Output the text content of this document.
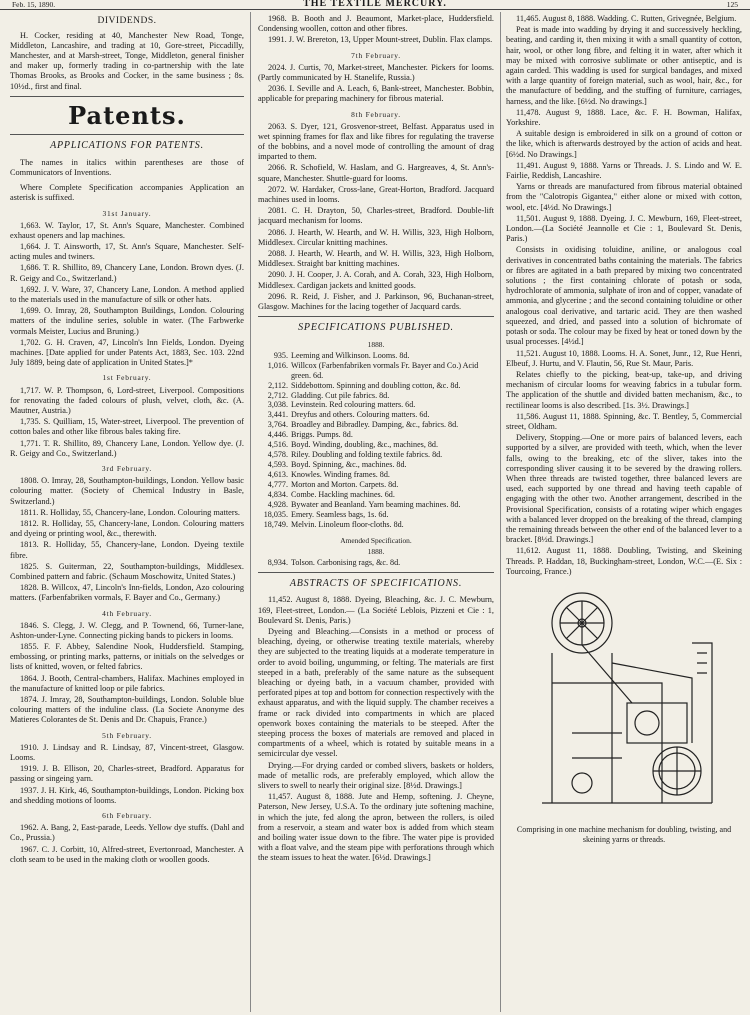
Feb. 15, 1890.	THE TEXTILE MERCURY.	125
DIVIDENDS.
H. Cocker, residing at 40, Manchester New Road, Tonge, Middleton, Lancashire, and trading at 10, Gore-street, Piccadilly, Manchester, and at Marsh-street, Tonge, Middleton, general finisher and maker up, formerly trading in co-partnership with the late Thomas Brooks, as Brooks and Cocker, in the same business ; 8s. 10½d., first and final.
Patents.
APPLICATIONS FOR PATENTS.
The names in italics within parentheses are those of Communicators of Inventions.
Where Complete Specification accompanies Application an asterisk is suffixed.
31st January.
1,663. W. Taylor, 17, St. Ann's Square, Manchester. Combined exhaust openers and lap machines.
1,664. J. T. Ainsworth, 17, St. Ann's Square, Manchester. Self-acting mules and twiners.
1,686. T. R. Shillito, 89, Chancery Lane, London. Brown dyes. (J. R. Geigy and Co., Switzerland.)
1,692. J. V. Ware, 37, Chancery Lane, London. A method applied to the materials used in the manufacture of silk or other hats.
1,699. O. Imray, 28, Southampton Buildings, London. Colouring matters of the induline series, soluble in water. (The Farbwerke vormals Meister, Lucius and Bruning.)
1,702. G. H. Craven, 47, Lincoln's Inn Fields, London. Dyeing machines. [Date applied for under Patents Act, 1883, Sec. 103. 22nd July 1889, being date of application in United States.]*
1st February.
1,717. W. P. Thompson, 6, Lord-street, Liverpool. Compositions for renovating the faded colours of plush, velvet, cloth, &c. (A. Mautner, Austria.)
1,735. S. Quilliam, 15, Water-street, Liverpool. The prevention of cotton bales and other like fibrous bales taking fire.
1,771. T. R. Shillito, 89, Chancery Lane, London. Yellow dye. (J. R. Geigy and Co., Switzerland.)
3rd February.
1808. O. Imray, 28, Southampton-buildings, London. Yellow basic colouring matter. (Society of Chemical Industry in Basle, Switzerland.)
1811. R. Holliday, 55, Chancery-lane, London. Colouring matters.
1812. R. Holliday, 55, Chancery-lane, London. Colouring matters and dyeing or printing wool, &c., therewith.
1813. R. Holliday, 55, Chancery-lane, London. Dyeing textile fibre.
1825. S. Guiterman, 22, Southampton-buildings, Middlesex. Combined pattern and fabric. (Schaum Moschowitz, United States.)
1828. B. Willcox, 47, Lincoln's Inn-fields, London, Azo colouring matters. (Farbenfabriken vormals, F. Bayer and Co., Germany.)
4th February.
1846. S. Clegg, J. W. Clegg, and P. Townend, 66, Turner-lane, Ashton-under-Lyne. Connecting picking bands to pickers in looms.
1855. F. F. Abbey, Salendine Nook, Huddersfield. Stamping, embossing, or printing marks, patterns, or initials on the selvedges or lists of knitted, woven, or felted fabrics.
1864. J. Booth, Central-chambers, Halifax. Machines employed in the manufacture of knitted loop or pile fabrics.
1874. J. Imray, 28, Southampton-buildings, London. Soluble blue colouring matters of the induline class. (La Societe Anonyme des Matieres Colorantes de St. Denis and Dr. Chapuis, France.)
5th February.
1910. J. Lindsay and R. Lindsay, 87, Vincent-street, Glasgow. Looms.
1919. J. B. Ellison, 20, Charles-street, Bradford. Apparatus for passing or singeing yarn.
1937. J. H. Kirk, 46, Southampton-buildings, London. Picking box and shedding motions of looms.
6th February.
1962. A. Bang, 2, East-parade, Leeds. Yellow dye stuffs. (Dahl and Co., Prussia.)
1967. C. J. Corbitt, 10, Alfred-street, Evertonroad, Manchester. A cloth seam to be used in the making cloth or woollen goods.
1968. B. Booth and J. Beaumont, Market-place, Huddersfield. Condensing woollen, cotton and other fibres.
1991. J. W. Brereton, 13, Upper Mount-street, Dublin. Flax clamps.
7th February.
2024. J. Curtis, 70, Market-street, Manchester. Pickers for looms. (Partly communicated by H. Stanelife, Russia.)
2036. I. Seville and A. Leach, 6, Bank-street, Manchester. Bobbin, applicable for preparing machinery for fibrous material.
8th February.
2063. S. Dyer, 121, Grosvenor-street, Belfast. Apparatus used in wet spinning frames for flax and like fibres for regulating the traverse of the bobbins, and a novel mode of controlling the amount of drag imparted to them.
2066. R. Schofield, W. Haslam, and G. Hargreaves, 4, St. Ann's-square, Manchester. Shuttle-guard for looms.
2072. W. Hardaker, Cross-lane, Great-Horton, Bradford. Jacquard machines used in looms.
2081. C. H. Drayton, 50, Charles-street, Bradford. Double-lift jacquard mechanism for looms.
2086. J. Hearth, W. Hearth, and W. H. Willis, 323, High Holborn, Middlesex. Circular knitting machines.
2088. J. Hearth, W. Hearth, and W. H. Willis, 323, High Holborn, Middlesex. Straight bar knitting machines.
2090. J. H. Cooper, J. A. Corah, and A. Corah, 323, High Holborn, Middlesex. Cardigan jackets and knitted goods.
2096. R. Reid, J. Fisher, and J. Parkinson, 96, Buchanan-street, Glasgow. Machines for the lacing together of Jacquard cards.
SPECIFICATIONS PUBLISHED.
1888.
935.	Leeming and Wilkinson. Looms. 8d.
1,016.	Willcox (Farbenfabriken vormals Fr. Bayer and Co.) Acid green. 6d.
2,112.	Siddebottom. Spinning and doubling cotton, &c. 8d.
2,712.	Gladding. Cut pile fabrics. 8d.
3,038.	Levinstein. Red colouring matters. 6d.
3,441.	Dreyfus and others. Colouring matters. 6d.
3,764.	Broadley and Bibradley. Damping, &c., fabrics. 8d.
4,446.	Briggs. Pumps. 8d.
4,516.	Boyd. Winding, doubling, &c., machines, 8d.
4,578.	Riley. Doubling and folding textile fabrics. 8d.
4,593.	Boyd. Spinning, &c., machines. 8d.
4,613.	Knowles. Winding frames. 8d.
4,777.	Morton and Morton. Carpets. 8d.
4,834.	Combe. Hackling machines. 6d.
4,928.	Bywater and Beanland. Yarn beaming machines. 8d.
18,035.	Emery. Seamless bags, 1s. 6d.
18,749.	Melvin. Linoleum floor-cloths. 8d.
Amended Specification.
1888.
8,934.	Tolson. Carbonising rags, &c. 8d.
ABSTRACTS OF SPECIFICATIONS.
11,452. August 8, 1888. Dyeing, Bleaching, &c. J. C. Mewburn, 169, Fleet-street, London.— (La Société Leblois, Pizzeni et Cie : 1, Boulevard St. Denis, Paris.)
Dyeing and Bleaching.—Consists in a method or process of bleaching, dyeing, or otherwise treating textile materials, whereby they are subjected to the treating liquids at a moderate temperature in order to avoid boiling, ungumming, or felting. The materials are first steeped in a bath, preferably of the same nature as the subsequent bleaching or dyeing bath, in a vacuum chamber, provided with perforated pipes at top and bottom for connection respectively with the exhaust apparatus, and with the liquid supply. The chamber receives a frame or rack divided into compartments in which are placed openwork boxes containing the materials to be steeped. After the steeping process the boxes of materials are removed and placed in compartments of a wheel, which is rotated by suitable means in a semicircular dye vessel.
Drying.—For drying carded or combed slivers, baskets or holders, made of metallic rods, are preferably employed, which allow the slivers to swell to nearly their original size. [8½d. Drawings.]
11,457. August 8, 1888. Jute and Hemp, softening. J. Cheyne, Paterson, New Jersey, U.S.A. To the ordinary jute softening machine, in which the jute, fed along the apron, between the rollers, is oiled from a reservoir, a steam and water box is added from which steam and boiling water issue down to the fibre. The water pipe is provided with a float valve, and the steam pipe with perforations through which the steam issues to heat the water. [6½d. Drawings.]
11,465. August 8, 1888. Wadding. C. Rutten, Grivegnée, Belgium.
Peat is made into wadding by drying it and successively heckling, beating, and carding it, then mixing it with a small quantity of cotton, hair, wool, or other long fibre, and felting it in water, after which it may be mixed with corrosive sublimate or other antiseptic, and is again carded. This wadding is used for surgical bandages, and mixed with a large quantity of foreign material, such as wool, hair, &c., for the manufacture of bedding, and the stuffing of furniture, carriages, harness, and the like. [6½d. No drawings.]
11,478. August 9, 1888. Lace, &c. F. H. Bowman, Halifax, Yorkshire.
A suitable design is embroidered in silk on a ground of cotton or the like, which is afterwards destroyed by the action of acids and heat. [6½d. No Drawings.]
11,491. August 9, 1888. Yarns or Threads. J. S. Lindo and W. E. Fairlie, Reddish, Lancashire.
Yarns or threads are manufactured from fibrous material obtained from the "Calotropis Gigantea," either alone or mixed with cotton, wool, etc. [4½d. No Drawings.]
11,501. August 9, 1888. Dyeing. J. C. Mewburn, 169, Fleet-street, London.—(La Société Jeannolle et Cie : 1, Boulevard St. Denis, Paris.)
Consists in oxidising toluidine, aniline, or analogous coal derivatives in concentrated baths containing the materials. The fabrics or fibres are agitated in a bath prepared by mixing two concentrated solutions ; the first containing chlorate of potash or soda, hydrochlorate of ammonia, sulphate of iron and of copper, vanadate of ammonia, and glycerine ; and the second containing toluidine or other analogous coal derivative, and tartaric acid. They are then washed squeezed, and dried, and passed into a solution of bichromate of potash or soda. The colour may be fixed by heat or toned down by the usual processes. [4½d.]
11,521. August 10, 1888. Looms. H. A. Sonet, Junr., 12, Rue Henri, Elbeuf, J. Hurtu, and V. Flautin, 56, Rue St. Maur, Paris.
Relates chiefly to the picking, beat-up, take-up, and driving mechanism of circular looms for weaving fabrics in a tubular form. The application of the shuttle and divided batten mechanism, &c., to rectilinear looms is also described. [1s. 3½. Drawings.]
11,586. August 11, 1888. Spinning, &c. T. Bentley, 5, Commercial street, Oldham.
Delivery, Stopping.—One or more pairs of balanced levers, each supported by a silver, are provided with teeth, which, when the lever falls, owing to the breaking, etc of the sliver, takes into the corresponding sliver causing it to be severed by the drawing rollers. When three threads are twisted together, three balanced levers are used, each supported by one thread and having teeth capable of engaging with the other two. Another arrangement, described in the Provisional Specification, consists of a rotating wiper which engages with a balanced lever dropped on the breaking of the thread, clamping the remaining threads between the other end of the balanced lever to a bracket. [8½d. Drawings.]
11,612. August 11, 1888. Doubling, Twisting, and Skeining Threads. P. Haddan, 18, Buckingham-street, London, W.C.—(E. Six : Tourcoing, France.)
Comprising in one machine mechanism for doubling, twisting, and skeining yarns or threads.
